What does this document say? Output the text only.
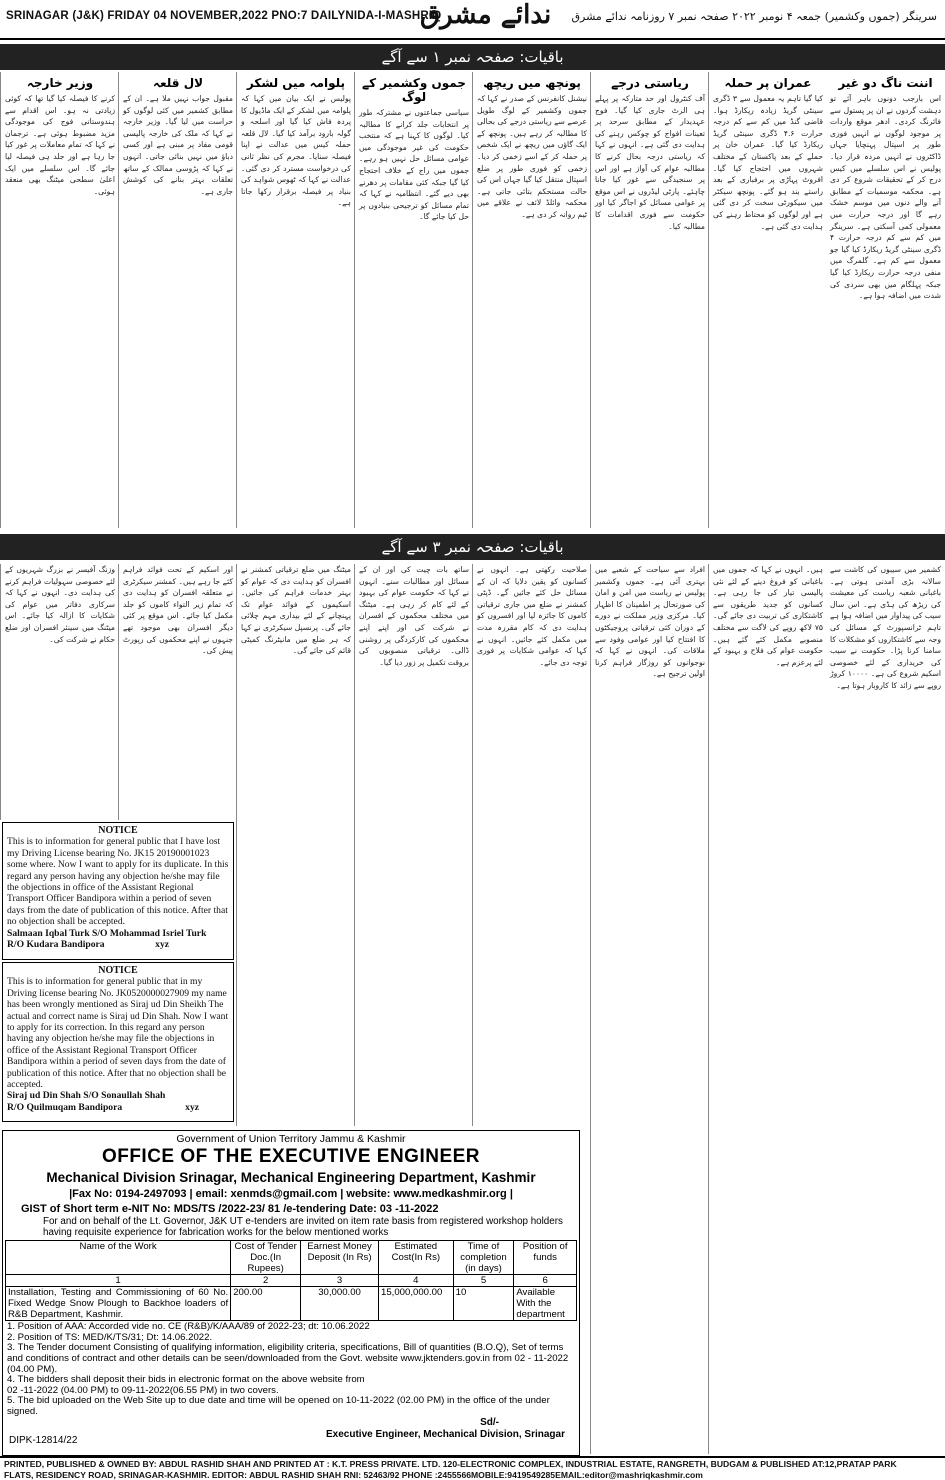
SRINAGAR (J&K) FRIDAY 04 NOVEMBER,2022 PNO:7 DAILYNIDA-I-MASHRIQ
ندائے مشرق سرینگر (جموں وکشمیر) جمعہ ۴ نومبر ۲۰۲۲ صفحہ نمبر ۷ روزنامہ ندائے مشرق
باقیات: صفحہ نمبر ۱ سے آگے
اننت ناگ دو غیر
اس بارجب دونوں باہر آئے تو دہشت گردوں نے ان پر پستول سے فائرنگ کردی۔ ادھر موقع واردات پر موجود لوگوں نے انہیں فوری طور پر اسپتال پہنچایا جہاں ڈاکٹروں نے انہیں مردہ قرار دیا۔ پولیس نے اس سلسلے میں کیس درج کر کے تحقیقات شروع کر دی ہے۔ محکمہ موسمیات کے مطابق آنے والے دنوں میں موسم خشک رہے گا اور درجہ حرارت میں معمولی کمی آسکتی ہے۔ سرینگر میں کم سے کم درجہ حرارت ۴ ڈگری سینٹی گریڈ ریکارڈ کیا گیا جو معمول سے کم ہے۔ گلمرگ میں منفی درجہ حرارت ریکارڈ کیا گیا جبکہ پہلگام میں بھی سردی کی شدت میں اضافہ ہوا ہے۔
عمران پر حملہ
کیا گیا تاہم یہ معمول سے ۳ ڈگری سینٹی گریڈ زیادہ ریکارڈ ہوا۔ قاضی گنڈ میں کم سے کم درجہ حرارت ۴.۶ ڈگری سینٹی گریڈ ریکارڈ کیا گیا۔ عمران خان پر حملے کے بعد پاکستان کے مختلف شہروں میں احتجاج کیا گیا۔ افروٹ پہاڑی پر برفباری کے بعد راستے بند ہو گئے۔ پونچھ سیکٹر میں سیکورٹی سخت کر دی گئی ہے اور لوگوں کو محتاط رہنے کی ہدایت دی گئی ہے۔
ریاستی درجے
آف کنٹرول اور حد متارکہ پر پہلے ہی الرٹ جاری کیا گیا۔ فوج عہدیدار کے مطابق سرحد پر تعینات افواج کو چوکس رہنے کی ہدایت دی گئی ہے۔ انہوں نے کہا کہ ریاستی درجہ بحال کرنے کا مطالبہ عوام کی آواز ہے اور اس پر سنجیدگی سے غور کیا جانا چاہئے۔ پارٹی لیڈروں نے اس موقع پر عوامی مسائل کو اجاگر کیا اور حکومت سے فوری اقدامات کا مطالبہ کیا۔
پونچھ میں ریچھ
نیشنل کانفرنس کے صدر نے کہا کہ جموں وکشمیر کے لوگ طویل عرصے سے ریاستی درجے کی بحالی کا مطالبہ کر رہے ہیں۔ پونچھ کے ایک گاؤں میں ریچھ نے ایک شخص پر حملہ کر کے اسے زخمی کر دیا۔ زخمی کو فوری طور پر ضلع اسپتال منتقل کیا گیا جہاں اس کی حالت مستحکم بتائی جاتی ہے۔ محکمہ وائلڈ لائف نے علاقے میں ٹیم روانہ کر دی ہے۔
جموں وکشمیر کے لوگ
سیاسی جماعتوں نے مشترکہ طور پر انتخابات جلد کرانے کا مطالبہ کیا۔ لوگوں کا کہنا ہے کہ منتخب حکومت کی غیر موجودگی میں عوامی مسائل حل نہیں ہو رہے۔ جموں میں راج کے خلاف احتجاج کیا گیا جبکہ کئی مقامات پر دھرنے بھی دیے گئے۔ انتظامیہ نے کہا کہ تمام مسائل کو ترجیحی بنیادوں پر حل کیا جائے گا۔
پلوامہ میں لشکر
پولیس نے ایک بیان میں کہا کہ پلوامہ میں لشکر کے ایک ماڈیول کا پردہ فاش کیا گیا اور اسلحہ و گولہ بارود برآمد کیا گیا۔ لال قلعہ حملہ کیس میں عدالت نے اپنا فیصلہ سنایا۔ مجرم کی نظر ثانی کی درخواست مسترد کر دی گئی۔ عدالت نے کہا کہ ٹھوس شواہد کی بنیاد پر فیصلہ برقرار رکھا جاتا ہے۔
لال قلعہ
مقبول جواب نہیں ملا ہے۔ ان کے مطابق کشمیر میں کئی لوگوں کو حراست میں لیا گیا۔ وزیر خارجہ نے کہا کہ ملک کی خارجہ پالیسی قومی مفاد پر مبنی ہے اور کسی دباؤ میں نہیں بنائی جاتی۔ انہوں نے کہا کہ پڑوسی ممالک کے ساتھ تعلقات بہتر بنانے کی کوشش جاری ہے۔
وزیر خارجہ
کرنے کا فیصلہ کیا گیا تھا کہ کوئی زیادتی نہ ہو۔ اس اقدام سے ہندوستانی فوج کی موجودگی مزید مضبوط ہوئی ہے۔ ترجمان نے کہا کہ تمام معاملات پر غور کیا جا رہا ہے اور جلد ہی فیصلہ لیا جائے گا۔ اس سلسلے میں ایک اعلیٰ سطحی میٹنگ بھی منعقد ہوئی۔
باقیات: صفحہ نمبر ۳ سے آگے
کشمیر میں سیبوں کی کاشت سے سالانہ بڑی آمدنی ہوتی ہے۔ باغبانی شعبہ ریاست کی معیشت کی ریڑھ کی ہڈی ہے۔ اس سال سیب کی پیداوار میں اضافہ ہوا ہے تاہم ٹرانسپورٹ کے مسائل کی وجہ سے کاشتکاروں کو مشکلات کا سامنا کرنا پڑا۔ حکومت نے سیب کی خریداری کے لئے خصوصی اسکیم شروع کی ہے۔ ۱۰۰۰۰ کروڑ روپے سے زائد کا کاروبار ہوتا ہے۔
ہیں۔ انہوں نے کہا کہ جموں میں باغبانی کو فروغ دینے کے لئے نئی پالیسی تیار کی جا رہی ہے۔ کسانوں کو جدید طریقوں سے کاشتکاری کی تربیت دی جائے گی۔ ۷۵ لاکھ روپے کی لاگت سے مختلف منصوبے مکمل کئے گئے ہیں۔ حکومت عوام کی فلاح و بہبود کے لئے پرعزم ہے۔
افراد سے سیاحت کے شعبے میں بہتری آئی ہے۔ جموں وکشمیر پولیس نے ریاست میں امن و امان کی صورتحال پر اطمینان کا اظہار کیا۔ مرکزی وزیر مملکت نے دورے کے دوران کئی ترقیاتی پروجیکٹوں کا افتتاح کیا اور عوامی وفود سے ملاقات کی۔ انہوں نے کہا کہ نوجوانوں کو روزگار فراہم کرنا اولین ترجیح ہے۔
صلاحیت رکھتی ہے۔ انہوں نے کسانوں کو یقین دلایا کہ ان کے مسائل حل کئے جائیں گے۔ ڈپٹی کمشنر نے ضلع میں جاری ترقیاتی کاموں کا جائزہ لیا اور افسروں کو ہدایت دی کہ کام مقررہ مدت میں مکمل کئے جائیں۔ انہوں نے کہا کہ عوامی شکایات پر فوری توجہ دی جائے۔
ساتھ بات چیت کی اور ان کے مسائل اور مطالبات سنے۔ انہوں نے کہا کہ حکومت عوام کی بہبود کے لئے کام کر رہی ہے۔ میٹنگ میں مختلف محکموں کے افسران نے شرکت کی اور اپنے اپنے محکموں کی کارکردگی پر روشنی ڈالی۔ ترقیاتی منصوبوں کی بروقت تکمیل پر زور دیا گیا۔
میٹنگ میں ضلع ترقیاتی کمشنر نے افسران کو ہدایت دی کہ عوام کو بہتر خدمات فراہم کی جائیں۔ اسکیموں کے فوائد عوام تک پہنچانے کے لئے بیداری مہم چلائی جائے گی۔ پرنسپل سیکرٹری نے کہا کہ ہر ضلع میں مانیٹرنگ کمیٹی قائم کی جائے گی۔
اور اسکیم کے تحت فوائد فراہم کئے جا رہے ہیں۔ کمشنر سیکرٹری نے متعلقہ افسران کو ہدایت دی کہ تمام زیر التواء کاموں کو جلد مکمل کیا جائے۔ اس موقع پر کئی دیگر افسران بھی موجود تھے جنہوں نے اپنے محکموں کی رپورٹ پیش کی۔
وزنگ آفیسر نے بزرگ شہریوں کے لئے خصوصی سہولیات فراہم کرنے کی ہدایت دی۔ انہوں نے کہا کہ سرکاری دفاتر میں عوام کی شکایات کا ازالہ کیا جائے۔ اس میٹنگ میں سینئر افسران اور ضلع حکام نے شرکت کی۔
NOTICE
This is to information for general public that I have lost my Driving License bearing No. JK15 20190001023 some where. Now I want to apply for its duplicate. In this regard any person having any objection he/she may file the objections in office of the Assistant Regional Transport Officer Bandipora within a period of seven days from the date of publication of this notice. After that no objection shall be accepted.
Salmaan Iqbal Turk S/O Mohammad Isriel Turk
R/O Kudara Bandipora	xyz
NOTICE
This is to information for general public that in my Driving license bearing No. JK0520000027909 my name has been wrongly mentioned as Siraj ud Din Sheikh The actual and correct name is Siraj ud Din Shah. Now I want to apply for its correction. In this regard any person having any objection he/she may file the objections in office of the Assistant Regional Transport Officer Bandipora within a period of seven days from the date of publication of this notice. After that no objection shall be accepted.
Siraj ud Din Shah S/O Sonaullah Shah
R/O Quilmuqam Bandipora	xyz
Government of Union Territory Jammu & Kashmir
OFFICE OF THE EXECUTIVE ENGINEER
Mechanical Division Srinagar, Mechanical Engineering Department, Kashmir
|Fax No: 0194-2497093 | email: xenmds@gmail.com | website: www.medkashmir.org |
GIST of Short term e-NIT No: MDS/TS /2022-23/ 81 /e-tendering Date: 03 -11-2022
For and on behalf of the Lt. Governor, J&K UT e-tenders are invited on item rate basis from registered workshop holders having requisite experience for fabrication works for the below mentioned works
Name of the Work	Cost of Tender Doc.(In Rupees)	Earnest Money Deposit (In Rs)	Estimated Cost(In Rs)	Time of completion (in days)	Position of funds
1	2	3	4	5	6
Installation, Testing and Commissioning of 60 No. Fixed Wedge Snow Plough to Backhoe loaders of R&B Department, Kashmir.	200.00	30,000.00	15,000,000.00	10	Available With the department
1. Position of AAA: Accorded vide no. CE (R&B)/K/AAA/89 of 2022-23; dt: 10.06.2022
2. Position of TS: MED/K/TS/31; Dt: 14.06.2022.
3. The Tender document Consisting of qualifying information, eligibility criteria, specifications, Bill of quantities (B.O.Q), Set of terms and conditions of contract and other details can be seen/downloaded from the Govt. website www.jktenders.gov.in from 02 - 11-2022 (04.00 PM).
4. The bidders shall deposit their bids in electronic format on the above website from
02 -11-2022 (04.00 PM) to 09-11-2022(06.55 PM) in two covers.
5. The bid uploaded on the Web Site up to due date and time will be opened on 10-11-2022 (02.00 PM) in the office of the under signed.
Sd/-
Executive Engineer, Mechanical Division, Srinagar
DIPK-12814/22
PRINTED, PUBLISHED & OWNED BY: ABDUL RASHID SHAH AND PRINTED AT : K.T. PRESS PRIVATE. LTD. 120-ELECTRONIC COMPLEX, INDUSTRIAL ESTATE, RANGRETH, BUDGAM & PUBLISHED AT:12,PRATAP PARK
FLATS, RESIDENCY ROAD, SRINAGAR-KASHMIR. EDITOR: ABDUL RASHID SHAH RNI: 52463/92 PHONE :2455566MOBILE:9419549285EMAIL:editor@mashriqkashmir.com
